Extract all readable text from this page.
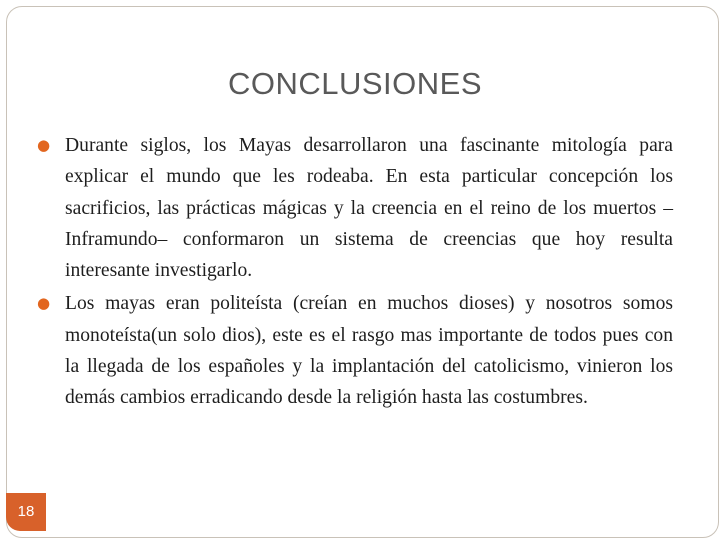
CONCLUSIONES
● Durante siglos, los Mayas desarrollaron una fascinante mitología para explicar el mundo que les rodeaba. En esta particular concepción los sacrificios, las prácticas mágicas y la creencia en el reino de los muertos –Inframundo– conformaron un sistema de creencias que hoy resulta interesante investigarlo.
● Los mayas eran politeísta (creían en muchos dioses) y nosotros somos monoteísta(un solo dios), este es el rasgo mas importante de todos pues con la llegada de los españoles y la implantación del catolicismo, vinieron los demás cambios erradicando desde la religión hasta las costumbres.
18
